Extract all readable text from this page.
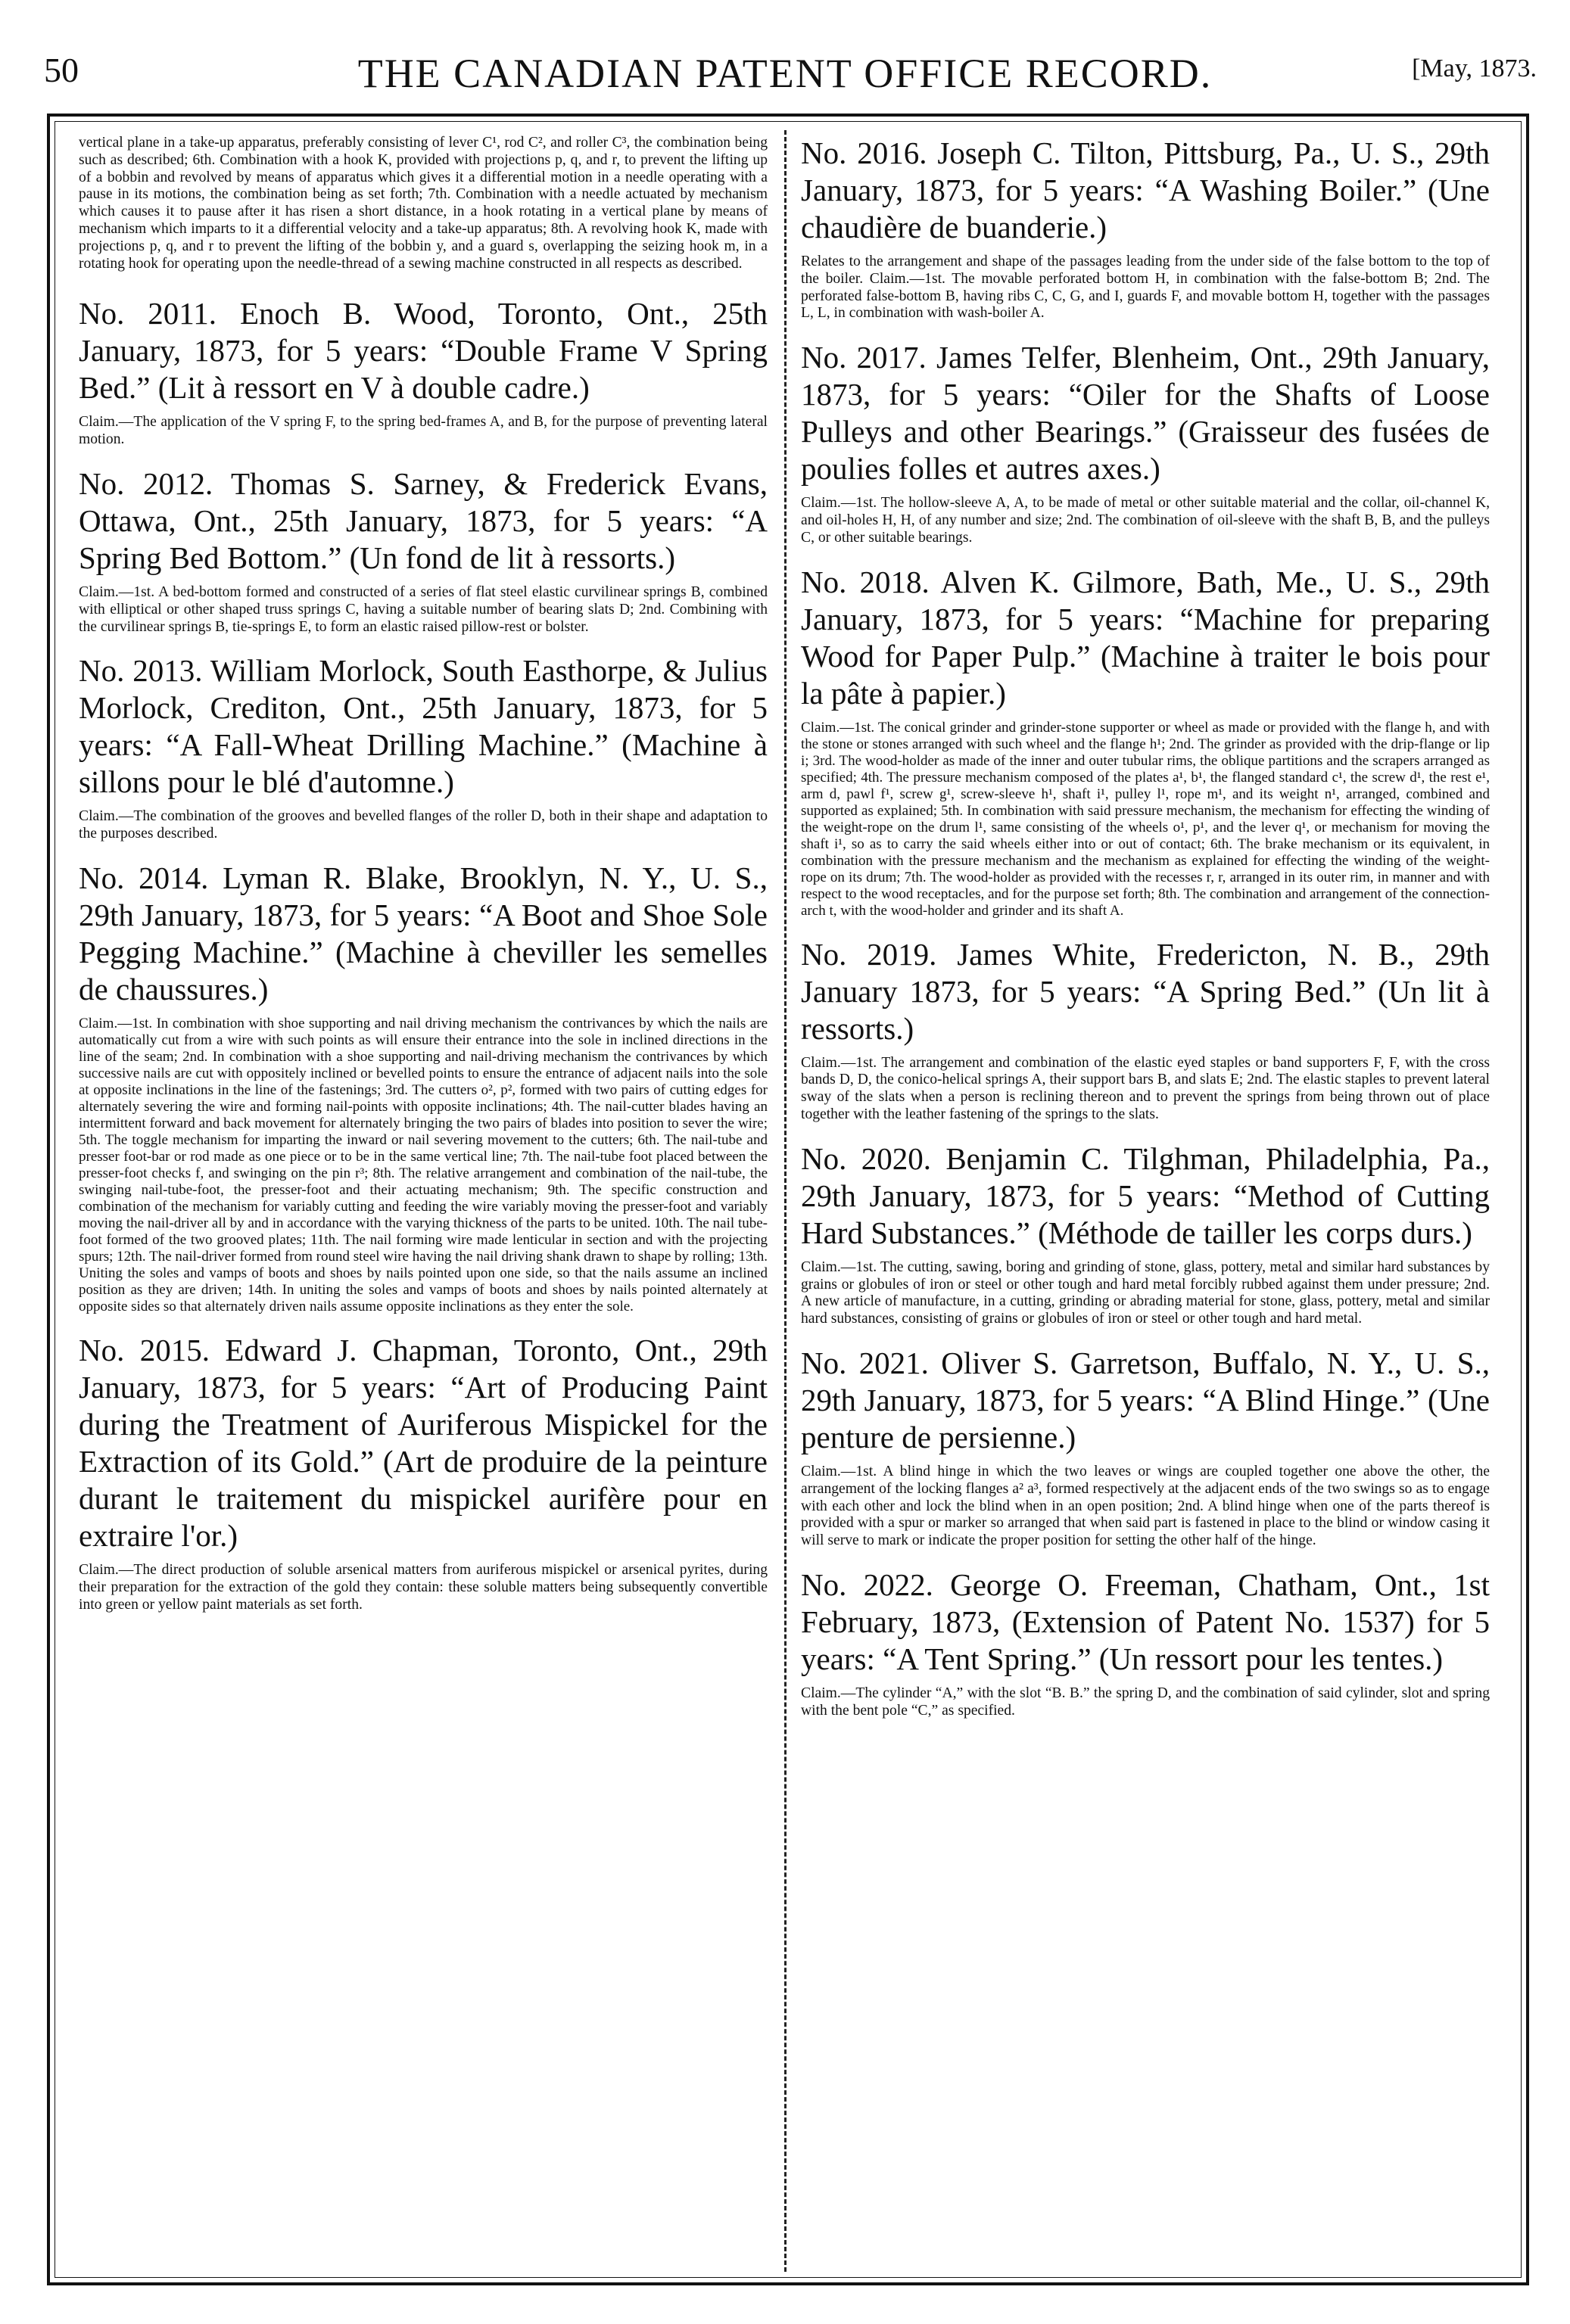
50	THE CANADIAN PATENT OFFICE RECORD.	[May, 1873.

vertical plane in a take-up apparatus, preferably consisting of lever C¹, rod C², and roller C³, the combination being such as described; 6th. Combination with a hook K, provided with projections p, q, and r, to prevent the lifting up of a bobbin and revolved by means of apparatus which gives it a differential motion in a needle operating with a pause in its motions, the combination being as set forth; 7th. Combination with a needle actuated by mechanism which causes it to pause after it has risen a short distance, in a hook rotating in a vertical plane by means of mechanism which imparts to it a differential velocity and a take-up apparatus; 8th. A revolving hook K, made with projections p, q, and r to prevent the lifting of the bobbin y, and a guard s, overlapping the seizing hook m, in a rotating hook for operating upon the needle-thread of a sewing machine constructed in all respects as described.

No. 2011. Enoch B. Wood, Toronto, Ont., 25th January, 1873, for 5 years: “Double Frame V Spring Bed.” (Lit à ressort en V à double cadre.)

Claim.—The application of the V spring F, to the spring bed-frames A, and B, for the purpose of preventing lateral motion.

No. 2012. Thomas S. Sarney, & Frederick Evans, Ottawa, Ont., 25th January, 1873, for 5 years: “A Spring Bed Bottom.” (Un fond de lit à ressorts.)

Claim.—1st. A bed-bottom formed and constructed of a series of flat steel elastic curvilinear springs B, combined with elliptical or other shaped truss springs C, having a suitable number of bearing slats D; 2nd. Combining with the curvilinear springs B, tie-springs E, to form an elastic raised pillow-rest or bolster.

No. 2013. William Morlock, South Easthorpe, & Julius Morlock, Crediton, Ont., 25th January, 1873, for 5 years: “A Fall-Wheat Drilling Machine.” (Machine à sillons pour le blé d'automne.)

Claim.—The combination of the grooves and bevelled flanges of the roller D, both in their shape and adaptation to the purposes described.

No. 2014. Lyman R. Blake, Brooklyn, N. Y., U. S., 29th January, 1873, for 5 years: “A Boot and Shoe Sole Pegging Machine.” (Machine à cheviller les semelles de chaussures.)

Claim.—1st. In combination with shoe supporting and nail driving mechanism the contrivances by which the nails are automatically cut from a wire with such points as will ensure their entrance into the sole in inclined directions in the line of the seam; 2nd. In combination with a shoe supporting and nail-driving mechanism the contrivances by which successive nails are cut with oppositely inclined or bevelled points to ensure the entrance of adjacent nails into the sole at opposite inclinations in the line of the fastenings; 3rd. The cutters o², p², formed with two pairs of cutting edges for alternately severing the wire and forming nail-points with opposite inclinations; 4th. The nail-cutter blades having an intermittent forward and back movement for alternately bringing the two pairs of blades into position to sever the wire; 5th. The toggle mechanism for imparting the inward or nail severing movement to the cutters; 6th. The nail-tube and presser foot-bar or rod made as one piece or to be in the same vertical line; 7th. The nail-tube foot placed between the presser-foot checks f, and swinging on the pin r³; 8th. The relative arrangement and combination of the nail-tube, the swinging nail-tube-foot, the presser-foot and their actuating mechanism; 9th. The specific construction and combination of the mechanism for variably cutting and feeding the wire variably moving the presser-foot and variably moving the nail-driver all by and in accordance with the varying thickness of the parts to be united. 10th. The nail tube-foot formed of the two grooved plates; 11th. The nail forming wire made lenticular in section and with the projecting spurs; 12th. The nail-driver formed from round steel wire having the nail driving shank drawn to shape by rolling; 13th. Uniting the soles and vamps of boots and shoes by nails pointed upon one side, so that the nails assume an inclined position as they are driven; 14th. In uniting the soles and vamps of boots and shoes by nails pointed alternately at opposite sides so that alternately driven nails assume opposite inclinations as they enter the sole.

No. 2015. Edward J. Chapman, Toronto, Ont., 29th January, 1873, for 5 years: “Art of Producing Paint during the Treatment of Auriferous Mispickel for the Extraction of its Gold.” (Art de produire de la peinture durant le traitement du mispickel aurifère pour en extraire l'or.)

Claim.—The direct production of soluble arsenical matters from auriferous mispickel or arsenical pyrites, during their preparation for the extraction of the gold they contain: these soluble matters being subsequently convertible into green or yellow paint materials as set forth.

No. 2016. Joseph C. Tilton, Pittsburg, Pa., U. S., 29th January, 1873, for 5 years: “A Washing Boiler.” (Une chaudière de buanderie.)

Relates to the arrangement and shape of the passages leading from the under side of the false bottom to the top of the boiler. Claim.—1st. The movable perforated bottom H, in combination with the false-bottom B; 2nd. The perforated false-bottom B, having ribs C, C, G, and I, guards F, and movable bottom H, together with the passages L, L, in combination with wash-boiler A.

No. 2017. James Telfer, Blenheim, Ont., 29th January, 1873, for 5 years: “Oiler for the Shafts of Loose Pulleys and other Bearings.” (Graisseur des fusées de poulies folles et autres axes.)

Claim.—1st. The hollow-sleeve A, A, to be made of metal or other suitable material and the collar, oil-channel K, and oil-holes H, H, of any number and size; 2nd. The combination of oil-sleeve with the shaft B, B, and the pulleys C, or other suitable bearings.

No. 2018. Alven K. Gilmore, Bath, Me., U. S., 29th January, 1873, for 5 years: “Machine for preparing Wood for Paper Pulp.” (Machine à traiter le bois pour la pâte à papier.)

Claim.—1st. The conical grinder and grinder-stone supporter or wheel as made or provided with the flange h, and with the stone or stones arranged with such wheel and the flange h¹; 2nd. The grinder as provided with the drip-flange or lip i; 3rd. The wood-holder as made of the inner and outer tubular rims, the oblique partitions and the scrapers arranged as specified; 4th. The pressure mechanism composed of the plates a¹, b¹, the flanged standard c¹, the screw d¹, the rest e¹, arm d, pawl f¹, screw g¹, screw-sleeve h¹, shaft i¹, pulley l¹, rope m¹, and its weight n¹, arranged, combined and supported as explained; 5th. In combination with said pressure mechanism, the mechanism for effecting the winding of the weight-rope on the drum l¹, same consisting of the wheels o¹, p¹, and the lever q¹, or mechanism for moving the shaft i¹, so as to carry the said wheels either into or out of contact; 6th. The brake mechanism or its equivalent, in combination with the pressure mechanism and the mechanism as explained for effecting the winding of the weight-rope on its drum; 7th. The wood-holder as provided with the recesses r, r, arranged in its outer rim, in manner and with respect to the wood receptacles, and for the purpose set forth; 8th. The combination and arrangement of the connection-arch t, with the wood-holder and grinder and its shaft A.

No. 2019. James White, Fredericton, N. B., 29th January 1873, for 5 years: “A Spring Bed.” (Un lit à ressorts.)

Claim.—1st. The arrangement and combination of the elastic eyed staples or band supporters F, F, with the cross bands D, D, the conico-helical springs A, their support bars B, and slats E; 2nd. The elastic staples to prevent lateral sway of the slats when a person is reclining thereon and to prevent the springs from being thrown out of place together with the leather fastening of the springs to the slats.

No. 2020. Benjamin C. Tilghman, Philadelphia, Pa., 29th January, 1873, for 5 years: “Method of Cutting Hard Substances.” (Méthode de tailler les corps durs.)

Claim.—1st. The cutting, sawing, boring and grinding of stone, glass, pottery, metal and similar hard substances by grains or globules of iron or steel or other tough and hard metal forcibly rubbed against them under pressure; 2nd. A new article of manufacture, in a cutting, grinding or abrading material for stone, glass, pottery, metal and similar hard substances, consisting of grains or globules of iron or steel or other tough and hard metal.

No. 2021. Oliver S. Garretson, Buffalo, N. Y., U. S., 29th January, 1873, for 5 years: “A Blind Hinge.” (Une penture de persienne.)

Claim.—1st. A blind hinge in which the two leaves or wings are coupled together one above the other, the arrangement of the locking flanges a² a³, formed respectively at the adjacent ends of the two swings so as to engage with each other and lock the blind when in an open position; 2nd. A blind hinge when one of the parts thereof is provided with a spur or marker so arranged that when said part is fastened in place to the blind or window casing it will serve to mark or indicate the proper position for setting the other half of the hinge.

No. 2022. George O. Freeman, Chatham, Ont., 1st February, 1873, (Extension of Patent No. 1537) for 5 years: “A Tent Spring.” (Un ressort pour les tentes.)

Claim.—The cylinder “A,” with the slot “B. B.” the spring D, and the combination of said cylinder, slot and spring with the bent pole “C,” as specified.
